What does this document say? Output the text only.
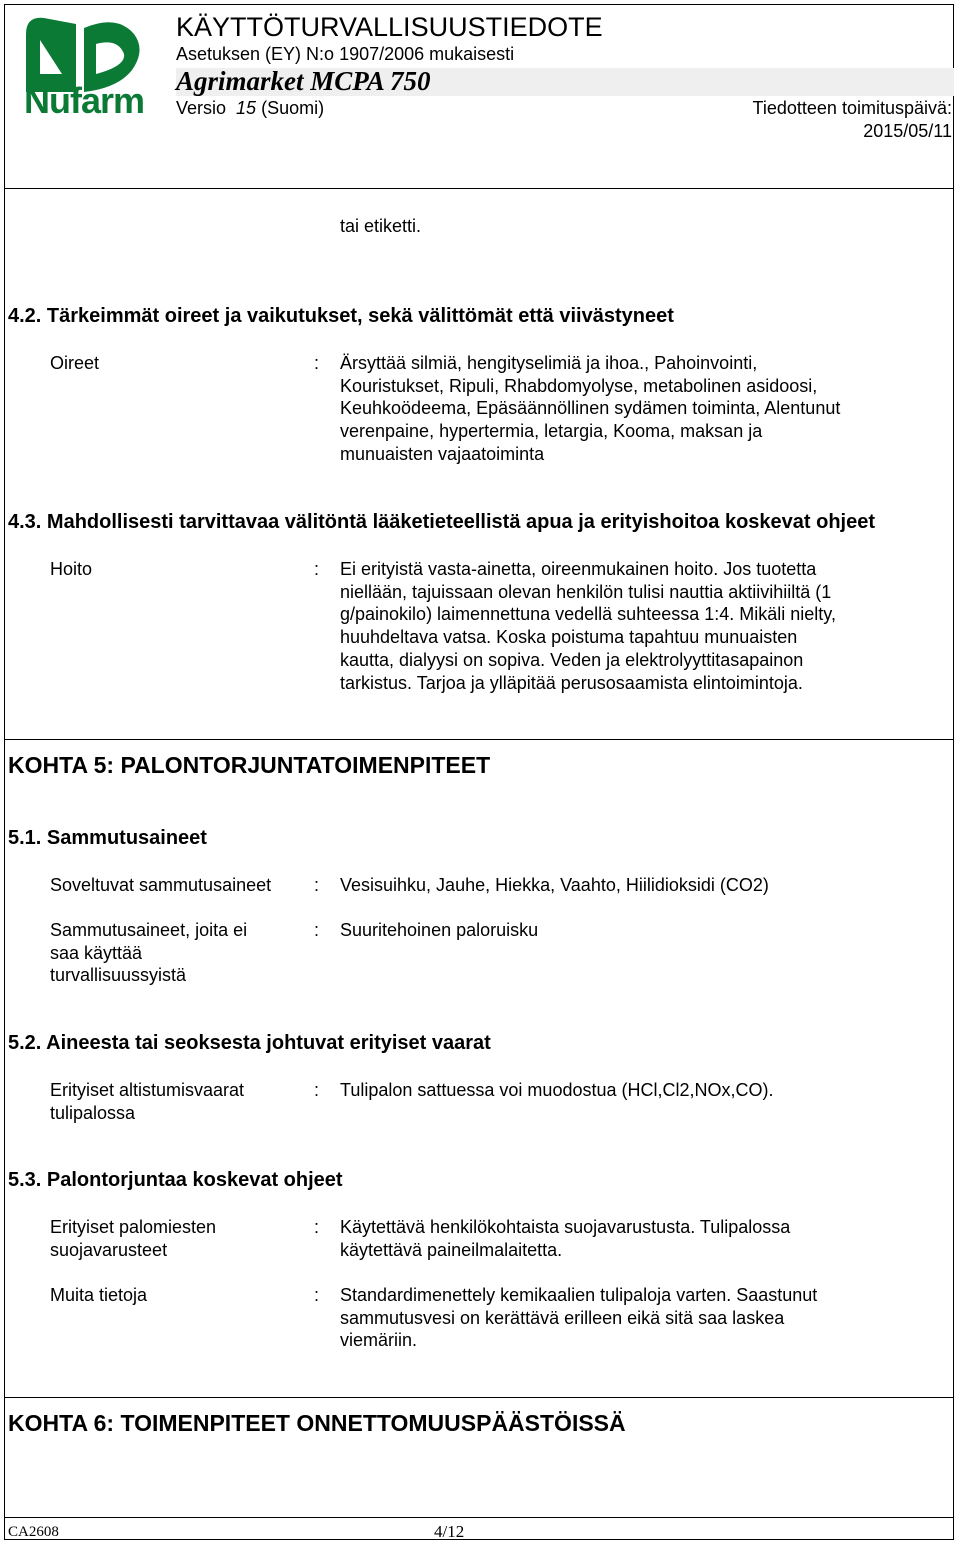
Nufarm
KÄYTTÖTURVALLISUUSTIEDOTE
Asetuksen (EY) N:o 1907/2006 mukaisesti
Agrimarket MCPA 750
Versio 15 (Suomi)	Tiedotteen toimituspäivä:
2015/05/11
tai etiketti.
4.2. Tärkeimmät oireet ja vaikutukset, sekä välittömät että viivästyneet
Oireet	: Ärsyttää silmiä, hengityselimiä ja ihoa., Pahoinvointi,
Kouristukset, Ripuli, Rhabdomyolyse, metabolinen asidoosi,
Keuhkoödeema, Epäsäännöllinen sydämen toiminta, Alentunut
verenpaine, hypertermia, letargia, Kooma, maksan ja
munuaisten vajaatoiminta
4.3. Mahdollisesti tarvittavaa välitöntä lääketieteellistä apua ja erityishoitoa koskevat ohjeet
Hoito	: Ei erityistä vasta-ainetta, oireenmukainen hoito. Jos tuotetta
niellään, tajuissaan olevan henkilön tulisi nauttia aktiivihiiltä (1
g/painokilo) laimennettuna vedellä suhteessa 1:4. Mikäli nielty,
huuhdeltava vatsa. Koska poistuma tapahtuu munuaisten
kautta, dialyysi on sopiva. Veden ja elektrolyyttitasapainon
tarkistus. Tarjoa ja ylläpitää perusosaamista elintoimintoja.
KOHTA 5: PALONTORJUNTATOIMENPITEET
5.1. Sammutusaineet
Soveltuvat sammutusaineet	: Vesisuihku, Jauhe, Hiekka, Vaahto, Hiilidioksidi (CO2)
Sammutusaineet, joita ei
saa käyttää
turvallisuussyistä
: Suuritehoinen paloruisku
5.2. Aineesta tai seoksesta johtuvat erityiset vaarat
Erityiset altistumisvaarat
tulipalossa
: Tulipalon sattuessa voi muodostua (HCl,Cl2,NOx,CO).
5.3. Palontorjuntaa koskevat ohjeet
Erityiset palomiesten
suojavarusteet
: Käytettävä henkilökohtaista suojavarustusta. Tulipalossa
käytettävä paineilmalaitetta.
Muita tietoja	: Standardimenettely kemikaalien tulipaloja varten. Saastunut
sammutusvesi on kerättävä erilleen eikä sitä saa laskea
viemäriin.
KOHTA 6: TOIMENPITEET ONNETTOMUUSPÄÄSTÖISSÄ
CA2608	4/12
